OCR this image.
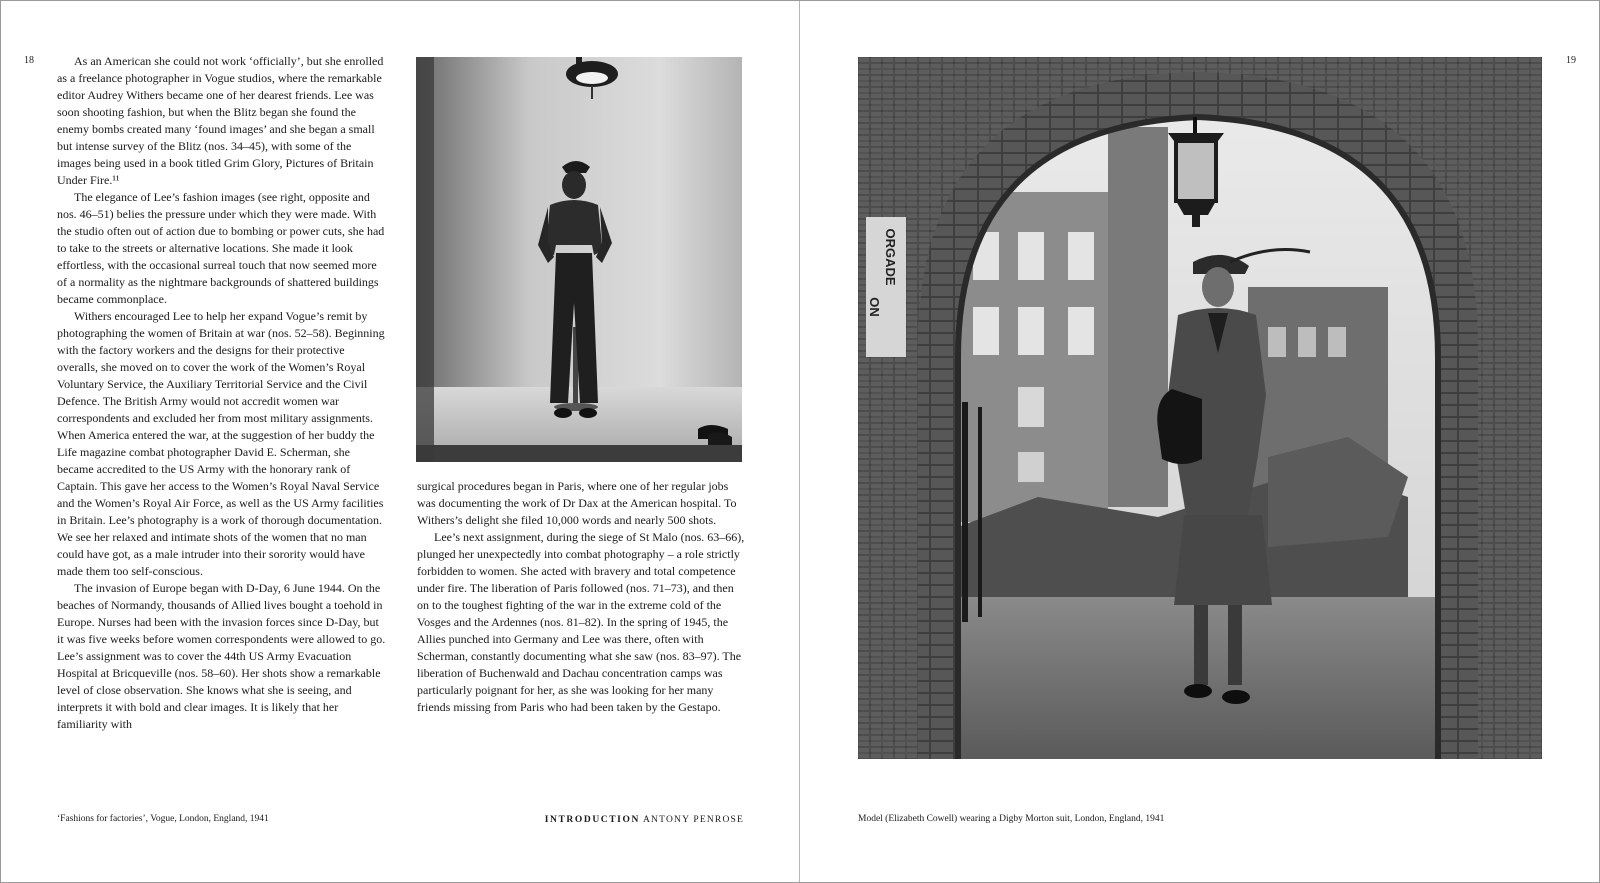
18	As an American she could not work ‘officially’, but she enrolled as a freelance photographer in Vogue studios, where the remarkable editor Audrey Withers became one of her dearest friends. Lee was soon shooting fashion, but when the Blitz began she found the enemy bombs created many ‘found images’ and she began a small but intense survey of the Blitz (nos. 34–45), with some of the images being used in a book titled Grim Glory, Pictures of Britain Under Fire.¹¹

The elegance of Lee’s fashion images (see right, opposite and nos. 46–51) belies the pressure under which they were made. With the studio often out of action due to bombing or power cuts, she had to take to the streets or alternative locations. She made it look effortless, with the occasional surreal touch that now seemed more of a normality as the nightmare backgrounds of shattered buildings became commonplace.

Withers encouraged Lee to help her expand Vogue’s remit by photographing the women of Britain at war (nos. 52–58). Beginning with the factory workers and the designs for their protective overalls, she moved on to cover the work of the Women’s Royal Voluntary Service, the Auxiliary Territorial Service and the Civil Defence. The British Army would not accredit women war correspondents and excluded her from most military assignments. When America entered the war, at the suggestion of her buddy the Life magazine combat photographer David E. Scherman, she became accredited to the US Army with the honorary rank of Captain. This gave her access to the Women’s Royal Naval Service and the Women’s Royal Air Force, as well as the US Army facilities in Britain. Lee’s photography is a work of thorough documentation. We see her relaxed and intimate shots of the women that no man could have got, as a male intruder into their sorority would have made them too self-conscious.

The invasion of Europe began with D-Day, 6 June 1944. On the beaches of Normandy, thousands of Allied lives bought a toehold in Europe. Nurses had been with the invasion forces since D-Day, but it was five weeks before women correspondents were allowed to go. Lee’s assignment was to cover the 44th US Army Evacuation Hospital at Bricqueville (nos. 58–60). Her shots show a remarkable level of close observation. She knows what she is seeing, and interprets it with bold and clear images. It is likely that her familiarity with

surgical procedures began in Paris, where one of her regular jobs was documenting the work of Dr Dax at the American hospital. To Withers’s delight she filed 10,000 words and nearly 500 shots.

Lee’s next assignment, during the siege of St Malo (nos. 63–66), plunged her unexpectedly into combat photography – a role strictly forbidden to women. She acted with bravery and total competence under fire. The liberation of Paris followed (nos. 71–73), and then on to the toughest fighting of the war in the extreme cold of the Vosges and the Ardennes (nos. 81–82). In the spring of 1945, the Allies punched into Germany and Lee was there, often with Scherman, constantly documenting what she saw (nos. 83–97). The liberation of Buchenwald and Dachau concentration camps was particularly poignant for her, as she was looking for her many friends missing from Paris who had been taken by the Gestapo.

‘Fashions for factories’, Vogue, London, England, 1941	INTRODUCTION ANTONY PENROSE
19
ORGADE
ON
Model (Elizabeth Cowell) wearing a Digby Morton suit, London, England, 1941
